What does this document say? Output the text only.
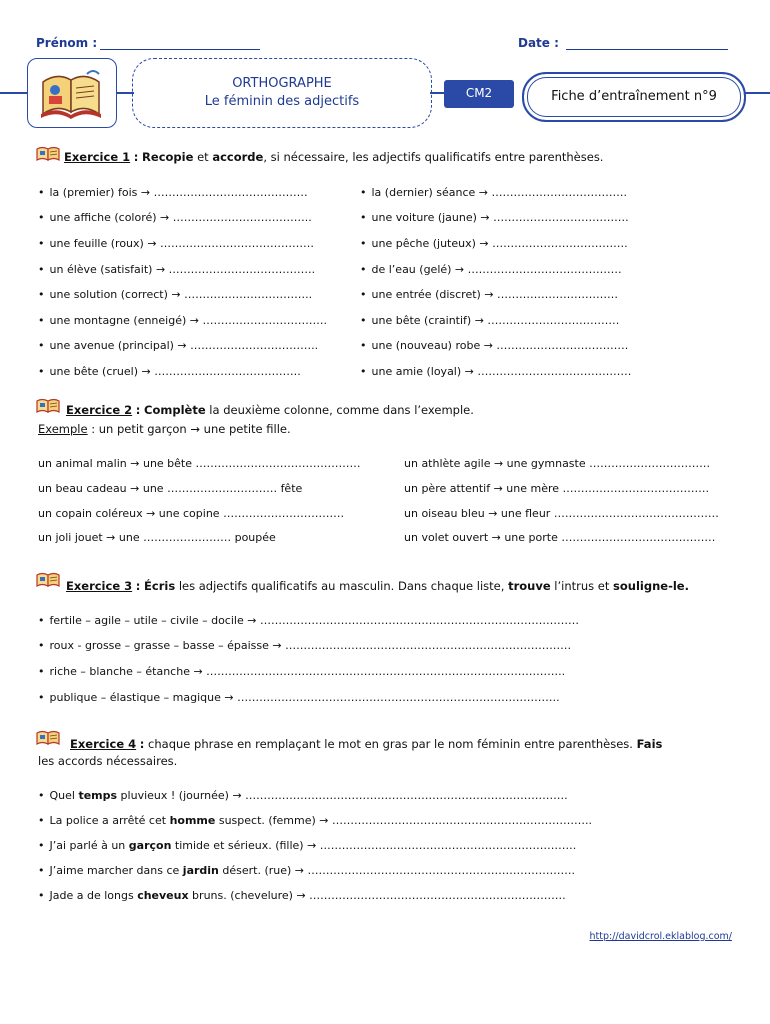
Prénom :	Date :
ORTHOGRAPHE
Le féminin des adjectifs
CM2	Fiche d’entraînement n°9
Exercice 1 : Recopie et accorde, si nécessaire, les adjectifs qualificatifs entre parenthèses.
• la (premier) fois → ……………………………………
• une affiche (coloré) → ………………………………..
• une feuille (roux) → ……………………………………
• un élève (satisfait) → ………………………………….
• une solution (correct) → ……………………………..
• une montagne (enneigé) → …………………………….
• une avenue (principal) → ……………………………..
• une bête (cruel) → ………………………………….
• la (dernier) séance → ……………………………….
• une voiture (jaune) → ……………………………….
• une pêche (juteux) → ……………………………….
• de l’eau (gelé) → ……………………………………
• une entrée (discret) → ……………………………
• une bête (craintif) → ………………………………
• une (nouveau) robe → ………………………………
• une amie (loyal) → ……………………………………
Exercice 2 : Complète la deuxième colonne, comme dans l’exemple.
Exemple : un petit garçon → une petite fille.
un animal malin → une bête ………………………………………
un beau cadeau → une ………………………… fête
un copain coléreux → une copine ……………………………
un joli jouet → une …………………… poupée
un athlète agile → une gymnaste ……………………………
un père attentif → une mère ………………………………….
un oiseau bleu → une fleur ………………………………………
un volet ouvert → une porte ……………………………………
Exercice 3 : Écris les adjectifs qualificatifs au masculin. Dans chaque liste, trouve l’intrus et souligne-le.
• fertile – agile – utile – civile – docile → ……………………………………………………………………………
• roux - grosse – grasse – basse – épaisse → ……………………………………………………………………
• riche – blanche – étanche → ……………………………………………………………………………………..
• publique – élastique – magique → …………………………………………………………………………….
Exercice 4 : chaque phrase en remplaçant le mot en gras par le nom féminin entre parenthèses. Fais
les accords nécessaires.
• Quel temps pluvieux ! (journée) → …………………………………………………………………………….
• La police a arrêté cet homme suspect. (femme) → ……………………………………………………………..
• J’ai parlé à un garçon timide et sérieux. (fille) → …………………………………………………………….
• J’aime marcher dans ce jardin désert. (rue) → ……………………………………………………………….
• Jade a de longs cheveux bruns. (chevelure) → …………………………………………………………….
http://davidcrol.eklablog.com/
